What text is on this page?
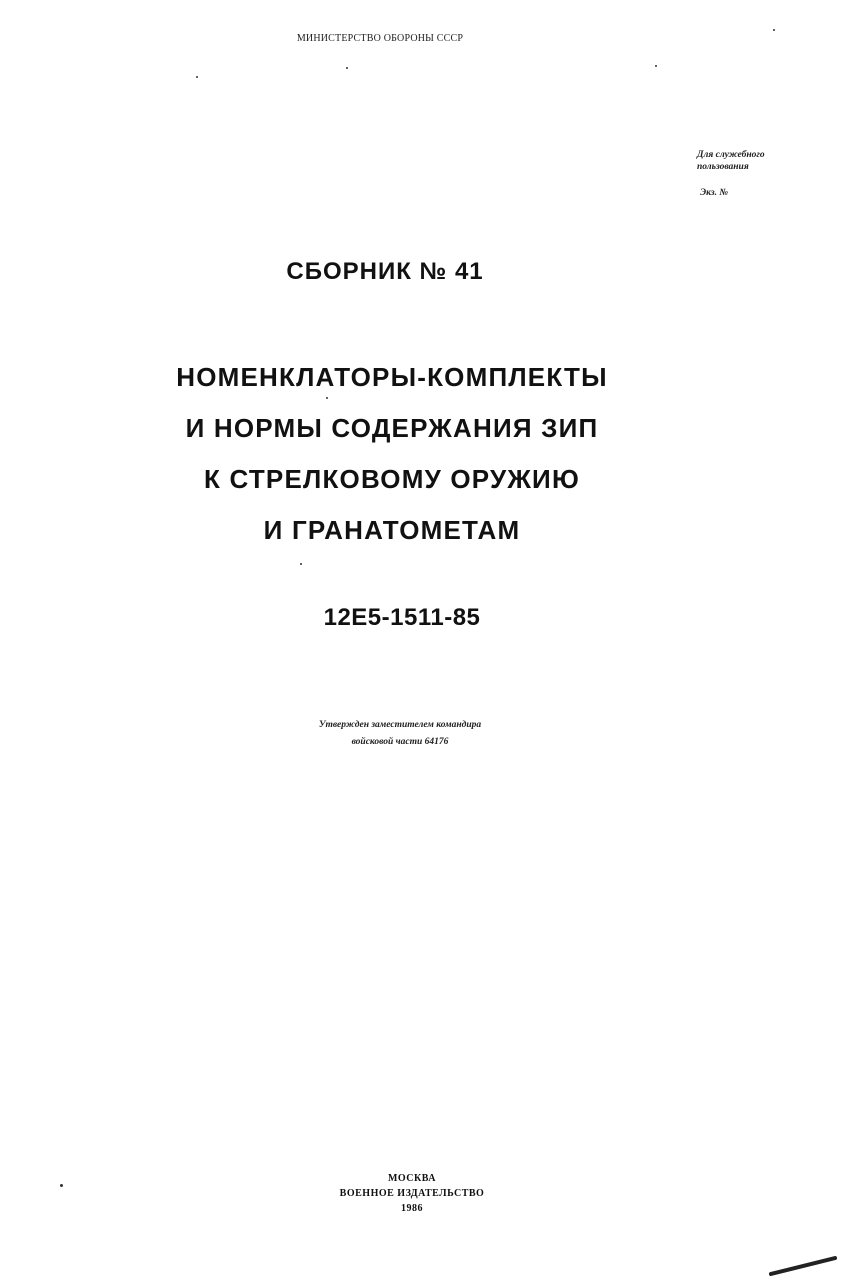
МИНИСТЕРСТВО ОБОРОНЫ СССР
Для служебного
пользования
Экз. №
СБОРНИК № 41
НОМЕНКЛАТОРЫ-КОМПЛЕКТЫ
И НОРМЫ СОДЕРЖАНИЯ ЗИП
К СТРЕЛКОВОМУ ОРУЖИЮ
И ГРАНАТОМЕТАМ
12Е5-1511-85
Утвержден заместителем командира
войсковой части 64176
МОСКВА
ВОЕННОЕ ИЗДАТЕЛЬСТВО
1986
